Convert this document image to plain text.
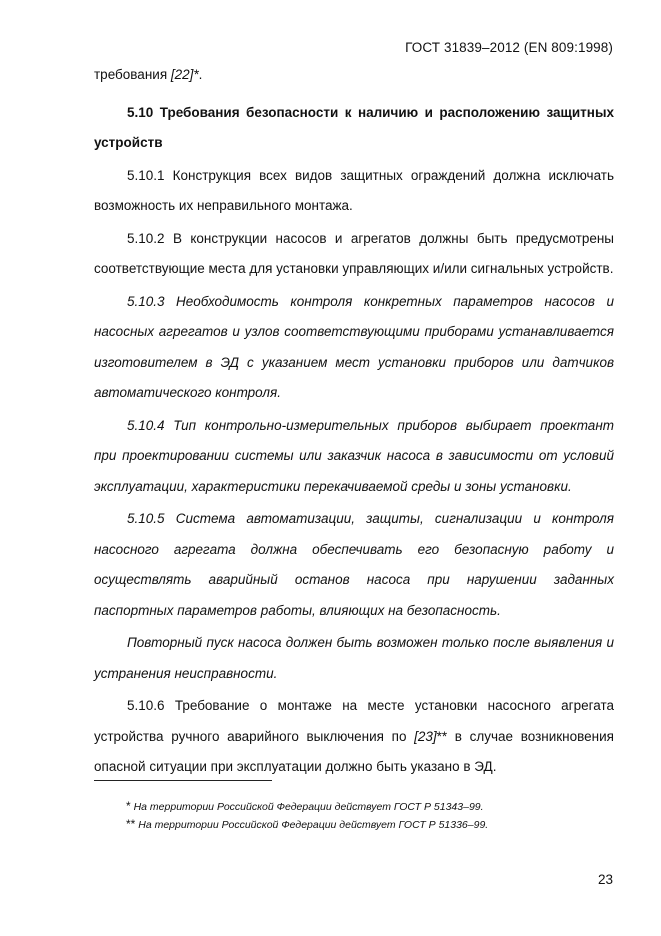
ГОСТ 31839–2012 (EN 809:1998)

требования [22]*.

5.10 Требования безопасности к наличию и расположению защитных устройств

5.10.1 Конструкция всех видов защитных ограждений должна исключать возможность их неправильного монтажа.

5.10.2 В конструкции насосов и агрегатов должны быть предусмотрены соответствующие места для установки управляющих и/или сигнальных устройств.

5.10.3 Необходимость контроля конкретных параметров насосов и насосных агрегатов и узлов соответствующими приборами устанавливается изготовителем в ЭД с указанием мест установки приборов или датчиков автоматического контроля.

5.10.4 Тип контрольно-измерительных приборов выбирает проектант при проектировании системы или заказчик насоса в зависимости от условий эксплуатации, характеристики перекачиваемой среды и зоны установки.

5.10.5 Система автоматизации, защиты, сигнализации и контроля насосного агрегата должна обеспечивать его безопасную работу и осуществлять аварийный останов насоса при нарушении заданных паспортных параметров работы, влияющих на безопасность.

Повторный пуск насоса должен быть возможен только после выявления и устранения неисправности.

5.10.6 Требование о монтаже на месте установки насосного агрегата устройства ручного аварийного выключения по [23]** в случае возникновения опасной ситуации при эксплуатации должно быть указано в ЭД.

* На территории Российской Федерации действует ГОСТ Р 51343–99.
** На территории Российской Федерации действует ГОСТ Р 51336–99.
23
